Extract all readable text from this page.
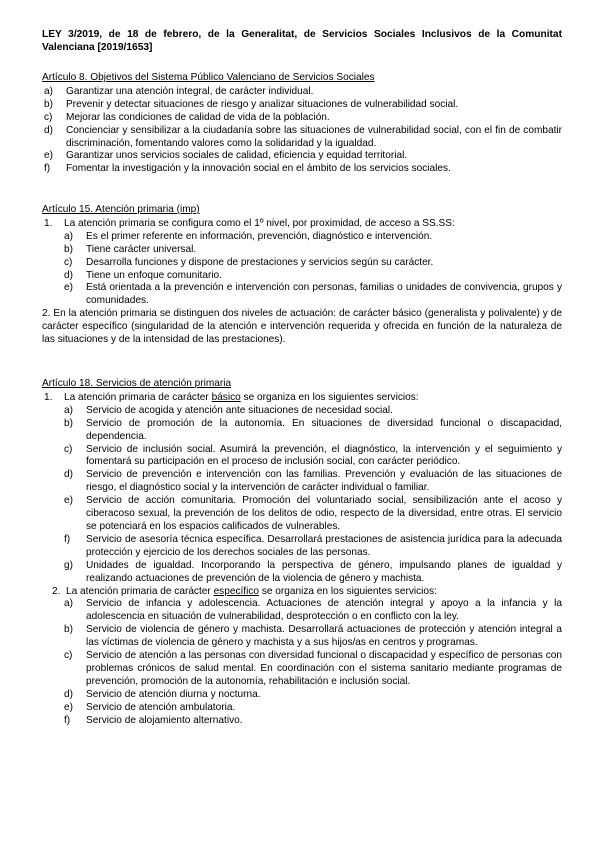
LEY 3/2019, de 18 de febrero, de la Generalitat, de Servicios Sociales Inclusivos de la Comunitat Valenciana [2019/1653]
Artículo 8. Objetivos del Sistema Público Valenciano de Servicios Sociales
a)	Garantizar una atención integral, de carácter individual.
b)	Prevenir y detectar situaciones de riesgo y analizar situaciones de vulnerabilidad social.
c)	Mejorar las condiciones de calidad de vida de la población.
d)	Concienciar y sensibilizar a la ciudadanía sobre las situaciones de vulnerabilidad social, con el fin de combatir discriminación, fomentando valores como la solidaridad y la igualdad.
e)	Garantizar unos servicios sociales de calidad, eficiencia y equidad territorial.
f)	Fomentar la investigación y la innovación social en el ámbito de los servicios sociales.
Artículo 15. Atención primaria (imp)
1.	La atención primaria se configura como el 1º nivel, por proximidad, de acceso a SS.SS:
a)	Es el primer referente en información, prevención, diagnóstico e intervención.
b)	Tiene carácter universal.
c)	Desarrolla funciones y dispone de prestaciones y servicios según su carácter.
d)	Tiene un enfoque comunitario.
e)	Está orientada a la prevención e intervención con personas, familias o unidades de convivencia, grupos y comunidades.
2. En la atención primaria se distinguen dos niveles de actuación: de carácter básico (generalista y polivalente) y de carácter específico (singularidad de la atención e intervención requerida y ofrecida en función de la naturaleza de las situaciones y de la intensidad de las prestaciones).
Artículo 18. Servicios de atención primaria
1.	La atención primaria de carácter básico se organiza en los siguientes servicios:
a)	Servicio de acogida y atención ante situaciones de necesidad social.
b)	Servicio de promoción de la autonomía. En situaciones de diversidad funcional o discapacidad, dependencia.
c)	Servicio de inclusión social. Asumirá la prevención, el diagnóstico, la intervención y el seguimiento y fomentará su participación en el proceso de inclusión social, con carácter periódico.
d)	Servicio de prevención e intervención con las familias. Prevención y evaluación de las situaciones de riesgo, el diagnóstico social y la intervención de carácter individual o familiar.
e)	Servicio de acción comunitaria. Promoción del voluntariado social, sensibilización ante el acoso y ciberacoso sexual, la prevención de los delitos de odio, respecto de la diversidad, entre otras. El servicio se potenciará en los espacios calificados de vulnerables.
f)	Servicio de asesoría técnica específica. Desarrollará prestaciones de asistencia jurídica para la adecuada protección y ejercicio de los derechos sociales de las personas.
g)	Unidades de igualdad. Incorporando la perspectiva de género, impulsando planes de igualdad y realizando actuaciones de prevención de la violencia de género y machista.
2. La atención primaria de carácter específico se organiza en los siguientes servicios:
a)	Servicio de infancia y adolescencia. Actuaciones de atención integral y apoyo a la infancia y la adolescencia en situación de vulnerabilidad, desprotección o en conflicto con la ley.
b)	Servicio de violencia de género y machista. Desarrollará actuaciones de protección y atención integral a las víctimas de violencia de género y machista y a sus hijos/as en centros y programas.
c)	Servicio de atención a las personas con diversidad funcional o discapacidad y específico de personas con problemas crónicos de salud mental. En coordinación con el sistema sanitario mediante programas de prevención, promoción de la autonomía, rehabilitación e inclusión social.
d)	Servicio de atención diurna y nocturna.
e)	Servicio de atención ambulatoria.
f)	Servicio de alojamiento alternativo.
